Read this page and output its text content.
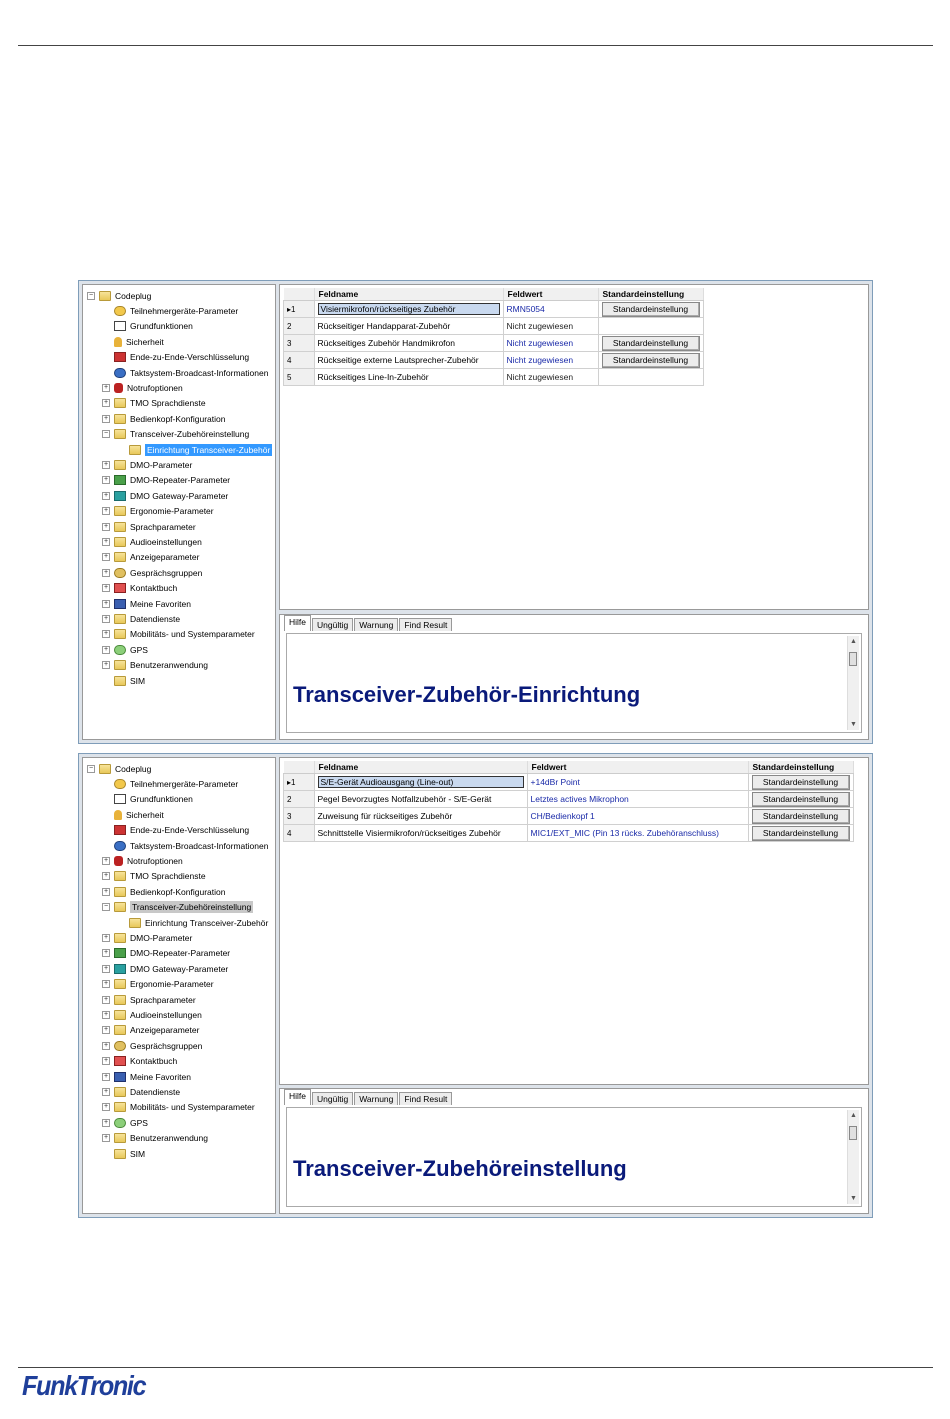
−	Codeplug
Teilnehmergeräte-Parameter
Grundfunktionen
Sicherheit
Ende-zu-Ende-Verschlüsselung
Taktsystem-Broadcast-Informationen
+ Notrufoptionen
+	TMO Sprachdienste
+	Bedienkopf-Konfiguration
−	Transceiver-Zubehöreinstellung
Einrichtung Transceiver-Zubehör
+	DMO-Parameter
+	DMO-Repeater-Parameter
+	DMO Gateway-Parameter
+	Ergonomie-Parameter
+	Sprachparameter
+	Audioeinstellungen
+	Anzeigeparameter
+	Gesprächsgruppen
+	Kontaktbuch
+	Meine Favoriten
+	Datendienste
+	Mobilitäts- und Systemparameter
+	GPS
+	Benutzeranwendung
SIM
	Feldname	Feldwert	Standardeinstellung
▸1	Visiermikrofon/rückseitiges Zubehör	RMN5054	Standardeinstellung

2	Rückseitiger Handapparat-Zubehör	Nicht zugewiesen	
3	Rückseitiges Zubehör Handmikrofon	Nicht zugewiesen	Standardeinstellung

4	Rückseitige externe Lautsprecher-Zubehör	Nicht zugewiesen	Standardeinstellung

5	Rückseitiges Line-In-Zubehör	Nicht zugewiesen	
Hilfe	Ungültig	Warnung	Find Result
Transceiver-Zubehör-Einrichtung
▲
▼
−	Codeplug
Teilnehmergeräte-Parameter
Grundfunktionen
Sicherheit
Ende-zu-Ende-Verschlüsselung
Taktsystem-Broadcast-Informationen
+ Notrufoptionen
+	TMO Sprachdienste
+	Bedienkopf-Konfiguration
−	Transceiver-Zubehöreinstellung
Einrichtung Transceiver-Zubehör
+	DMO-Parameter
+	DMO-Repeater-Parameter
+	DMO Gateway-Parameter
+	Ergonomie-Parameter
+	Sprachparameter
+	Audioeinstellungen
+	Anzeigeparameter
+	Gesprächsgruppen
+	Kontaktbuch
+	Meine Favoriten
+	Datendienste
+	Mobilitäts- und Systemparameter
+	GPS
+	Benutzeranwendung
SIM
	Feldname	Feldwert	Standardeinstellung
▸1	S/E-Gerät Audioausgang (Line-out)	+14dBr Point	Standardeinstellung

2	Pegel Bevorzugtes Notfallzubehör - S/E-Gerät	Letztes actives Mikrophon	Standardeinstellung

3	Zuweisung für rückseitiges Zubehör	CH/Bedienkopf 1	Standardeinstellung

4	Schnittstelle Visiermikrofon/rückseitiges Zubehör	MIC1/EXT_MIC (Pin 13 rücks. Zubehöranschluss)	Standardeinstellung
Hilfe	Ungültig	Warnung	Find Result
Transceiver-Zubehöreinstellung
▲
▼
FunkTronic
